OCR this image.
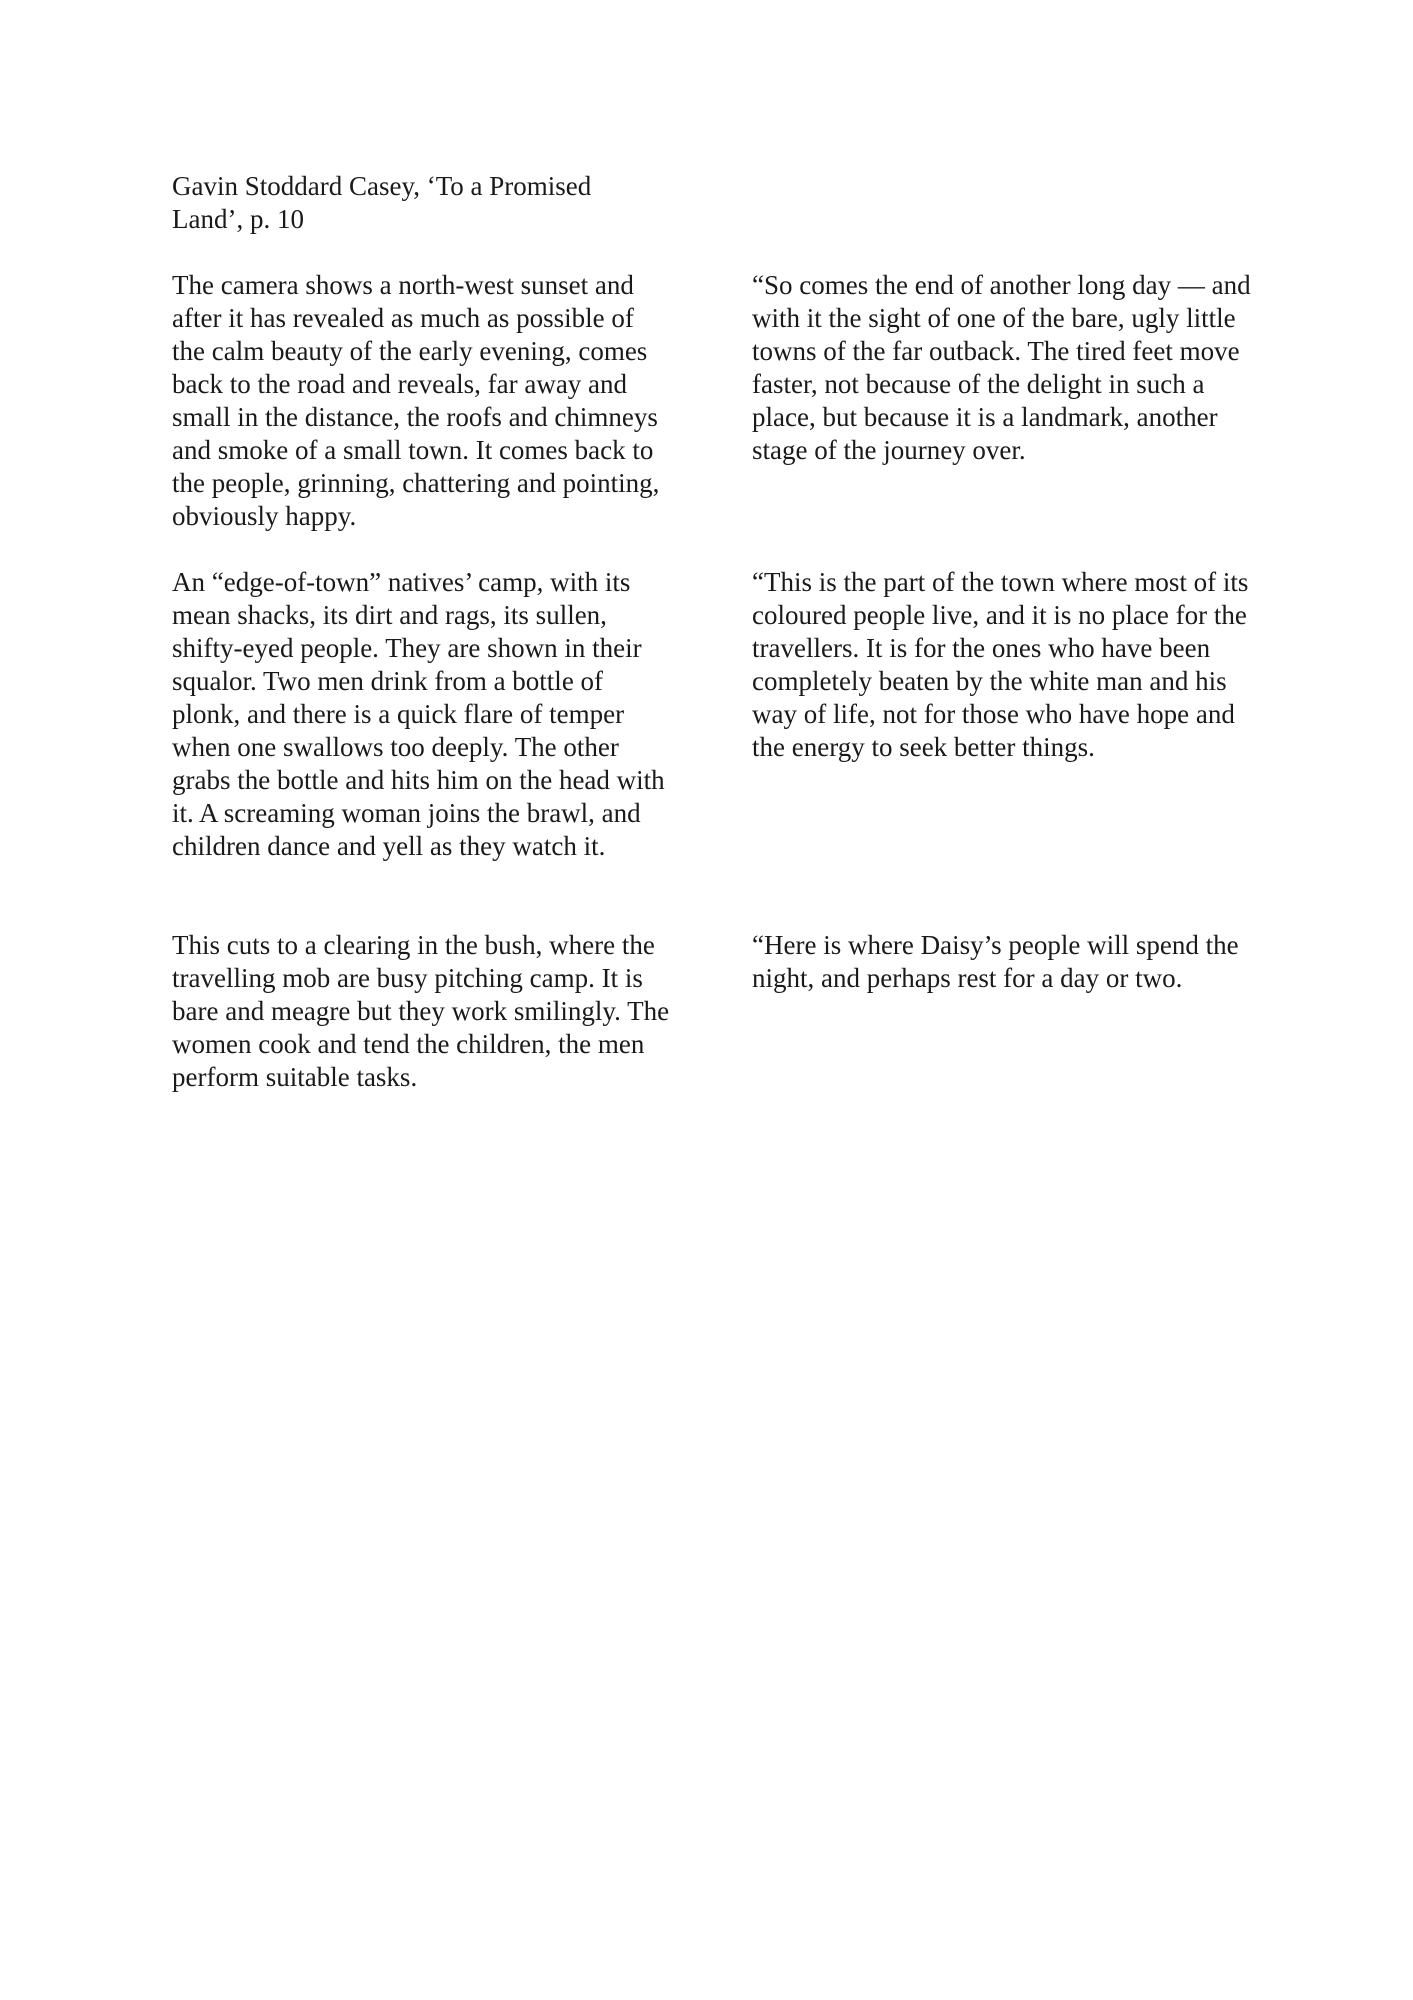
Gavin Stoddard Casey, ‘To a Promised Land’, p. 10

The camera shows a north-west sunset and after it has revealed as much as possible of the calm beauty of the early evening, comes back to the road and reveals, far away and small in the distance, the roofs and chimneys and smoke of a small town. It comes back to the people, grinning, chattering and pointing, obviously happy.

“So comes the end of another long day — and with it the sight of one of the bare, ugly little towns of the far outback. The tired feet move faster, not because of the delight in such a place, but because it is a landmark, another stage of the journey over.

An “edge-of-town” natives’ camp, with its mean shacks, its dirt and rags, its sullen, shifty-eyed people. They are shown in their squalor. Two men drink from a bottle of plonk, and there is a quick flare of temper when one swallows too deeply. The other grabs the bottle and hits him on the head with it. A screaming woman joins the brawl, and children dance and yell as they watch it.

“This is the part of the town where most of its coloured people live, and it is no place for the travellers. It is for the ones who have been completely beaten by the white man and his way of life, not for those who have hope and the energy to seek better things.

This cuts to a clearing in the bush, where the travelling mob are busy pitching camp. It is bare and meagre but they work smilingly. The women cook and tend the children, the men perform suitable tasks.

“Here is where Daisy’s people will spend the night, and perhaps rest for a day or two.
